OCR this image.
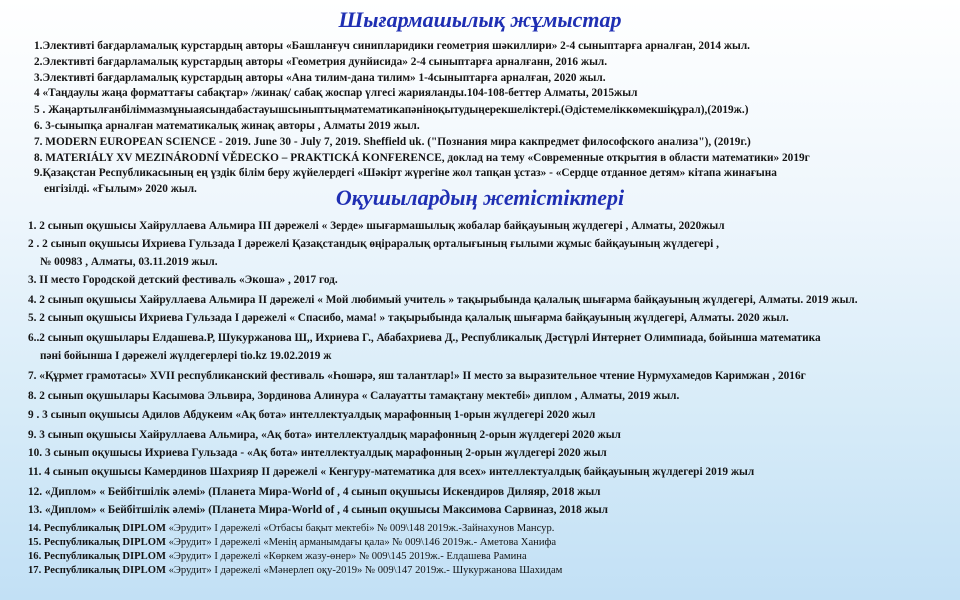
Шығармашылық жұмыстар
1.Элективті бағдарламалық курстардың авторы «Башланғуч синипларидики геометрия шәкиллири» 2-4 сыныптарға арналған, 2014 жыл.
2.Элективті бағдарламалық курстардың авторы «Геометрия дунйисида» 2-4 сыныптарға арналғанн, 2016 жыл.
3.Элективті бағдарламалық курстардың авторы «Ана тилим-дана тилим» 1-4сыныптарға арналған, 2020 жыл.
4 «Таңдаулы жаңа форматтағы сабақтар» /жинақ/ сабақ жоспар үлгесі жарияланды.104-108-беттер Алматы, 2015жыл
5 . Жаңартылғанбіліммазмұныаясындабастауышсыныптыңматематикапәніноқытудыңерекшеліктері.(Әдістемеліккөмекшіқұрал),(2019ж.)
6. 3-сыныпқа арналған математикалық жинақ авторы , Алматы 2019 жыл.
7. MODERN EUROPEAN SCIENCE - 2019. June 30 - July 7, 2019. Sheffield uk. ("Познания мира какпредмет философского анализа"), (2019г.)
8. MATERIÁLY XV MEZINÁRODNÍ VĚDECKO – PRAKTICKÁ KONFERENCE, доклад на тему «Современные открытия в области математики» 2019г
9.Қазақстан Республикасының ең үздік білім беру жүйелердегі «Шәкірт жүрегіне жол тапқан ұстаз» - «Сердце отданное детям» кітапа жинағына
енгізілді. «Ғылым» 2020 жыл.	Оқушылардың жетістіктері
1. 2 сынып оқушысы Хайруллаева Альмира ІІІ дәрежелі « Зерде» шығармашылық жобалар байқауының жүлдегері , Алматы, 2020жыл
2 . 2 сынып оқушысы Ихриева Гульзада І дәрежелі Қазақстандық өңіраралық орталығының ғылыми жұмыс байқауының жүлдегері ,
№ 00983 , Алматы, 03.11.2019 жыл.
3. II место Городской детский фестиваль «Экоша» , 2017 год.
4. 2 сынып оқушысы Хайруллаева Альмира ІІ дәрежелі « Мой любимый учитель » тақырыбында қалалық шығарма байқауының жүлдегері, Алматы. 2019 жыл.
5. 2 сынып оқушысы Ихриева Гульзада І дәрежелі « Спасибо, мама! » тақырыбында қалалық шығарма байқауының жүлдегері, Алматы. 2020 жыл.
6..2 сынып оқушылары Елдашева.Р, Шукуржанова Ш,, Ихриева Г., Абабахриева Д., Республикалық Дәстүрлі Интернет Олимпиада, бойынша математика
пәні бойынша І дәрежелі жүлдегерлері tio.kz 19.02.2019 ж
7. «Құрмет грамотасы» XVII республиканский фестиваль «Һошәрә, яш талантлар!» II место за выразительное чтение Нурмухамедов Каримжан , 2016г
8. 2 сынып оқушылары Касымова Эльвира, Зординова Алинура « Салауатты тамақтану мектебі» диплом , Алматы, 2019 жыл.
9 . 3 сынып оқушысы Адилов Абдукеим «Ақ бота» интеллектуалдық марафонның 1-орын жүлдегері 2020 жыл
9. 3 сынып оқушысы Хайруллаева Альмира, «Ақ бота» интеллектуалдық марафонның 2-орын жүлдегері 2020 жыл
10. 3 сынып оқушысы Ихриева Гульзада - «Ақ бота» интеллектуалдық марафонның 2-орын жүлдегері 2020 жыл
11. 4 сынып оқушысы Камердинов Шахрияр ІІ дәрежелі « Кенгуру-математика для всех» интеллектуалдық байқауының жүлдегері 2019 жыл
12. «Диплом» « Бейбітшілік әлемі» (Планета Мира-World of , 4 сынып оқушысы Искендиров Диляяр, 2018 жыл
13. «Диплом» « Бейбітшілік әлемі» (Планета Мира-World of , 4 сынып оқушысы Максимова Сарвиназ, 2018 жыл
14. Республикалық DIPLOM «Эрудит» І дәрежелі «Отбасы бақыт мектебі» № 009\148 2019ж.-Зайнахунов Мансур.
15. Республикалық DIPLOM «Эрудит» І дәрежелі «Менің арманымдағы қала» № 009\146 2019ж.- Аметова Ханифа
16. Республикалық DIPLOM «Эрудит» І дәрежелі «Көркем жазу-өнер» № 009\145 2019ж.- Елдашева Рамина
17. Республикалық DIPLOM «Эрудит» І дәрежелі «Мәнерлеп оқу-2019» № 009\147 2019ж.- Шукуржанова Шахидам
